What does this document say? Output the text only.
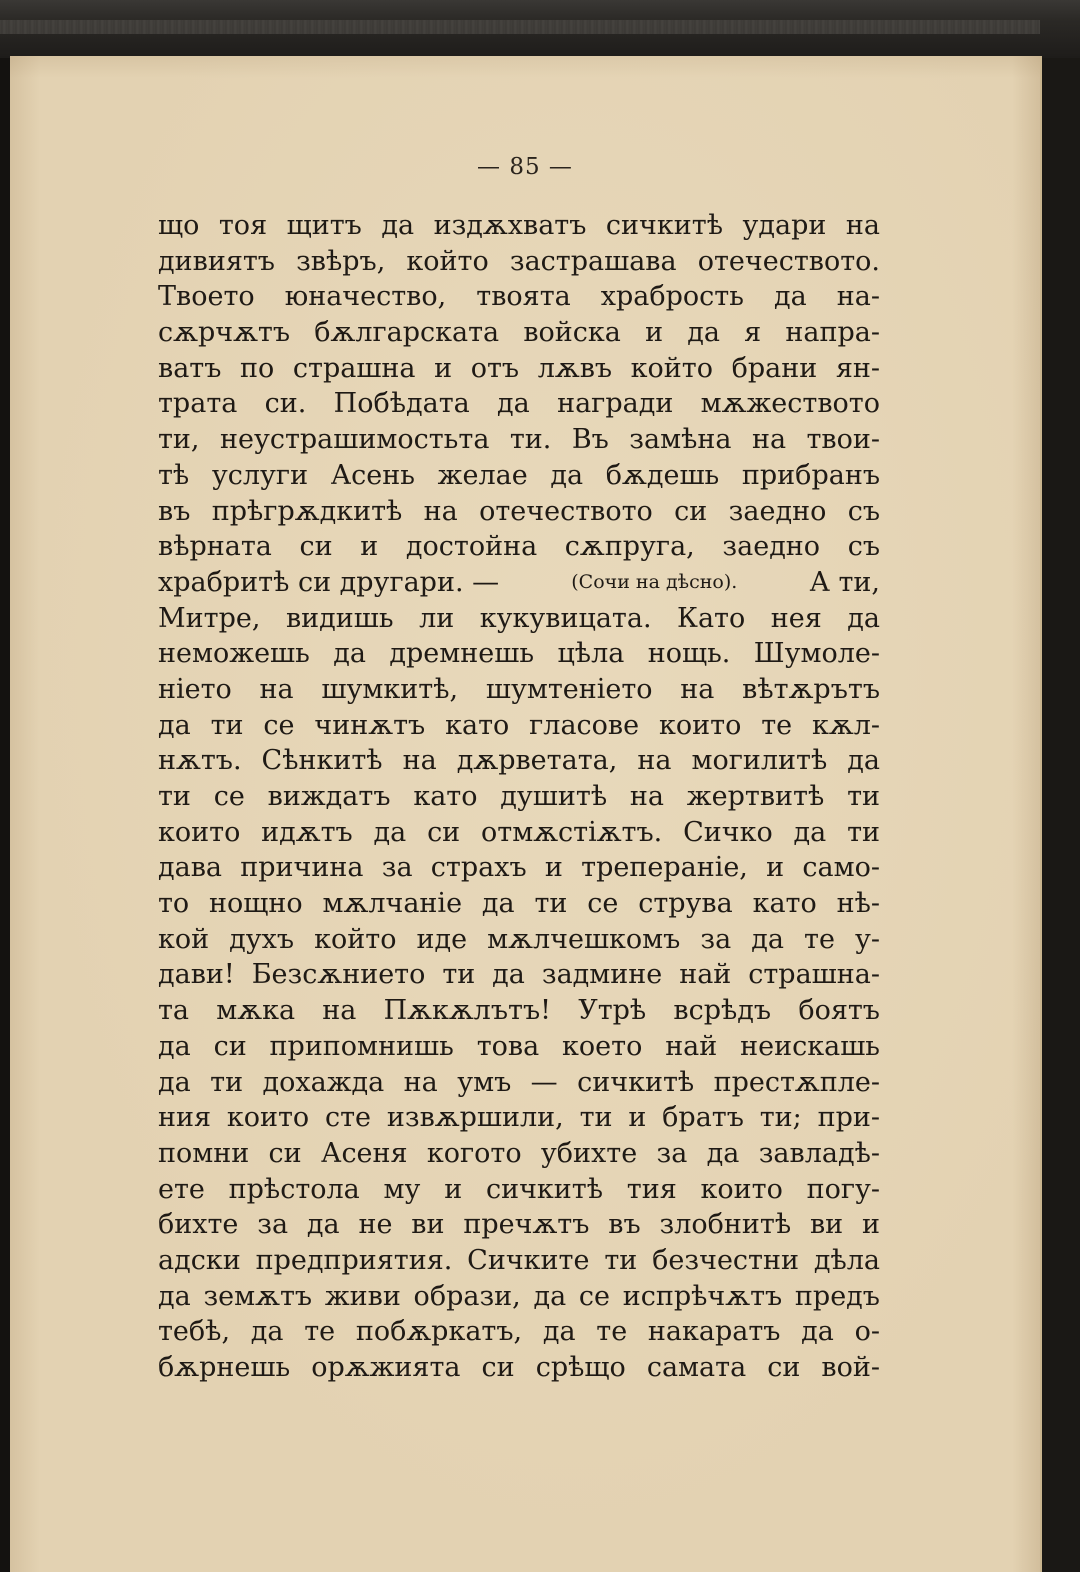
— 85 —
що тоя щитъ да издѫхватъ сичкитѣ удари на
дивиятъ звѣръ, който застрашава отечеството.
Твоето юначество, твоята храбрость да на-
сѫрчѫтъ бѫлгарската войска и да я напра-
ватъ по страшна и отъ лѫвъ който брани ян-
трата си. Побѣдата да награди мѫжеството
ти, неустрашимостьта ти. Въ замѣна на твои-
тѣ услуги Асень желае да бѫдешь прибранъ
въ прѣгрѫдкитѣ на отечеството си заедно съ
вѣрната си и достойна сѫпруга, заедно съ
храбритѣ си другари. —	(Сочи на дѣсно).	А ти,
Митре, видишь ли кукувицата. Като нея да
неможешь да дремнешь цѣла нощь. Шумоле-
ніето на шумкитѣ, шумтеніето на вѣтѫрътъ
да ти се чинѫтъ като гласове които те кѫл-
нѫтъ. Сѣнкитѣ на дѫрветата, на могилитѣ да
ти се виждатъ като душитѣ на жертвитѣ ти
които идѫтъ да си отмѫстіѫтъ. Сичко да ти
дава причина за страхъ и трепераніе, и само-
то нощно мѫлчаніе да ти се струва като нѣ-
кой духъ който иде мѫлчешкомъ за да те у-
дави! Безсѫнието ти да задмине най страшна-
та мѫка на Пѫкѫлътъ! Утрѣ всрѣдъ боятъ
да си припомнишь това което най неискашь
да ти дохажда на умъ — сичкитѣ престѫпле-
ния които сте извѫршили, ти и братъ ти; при-
помни си Асеня когото убихте за да завладѣ-
ете прѣстола му и сичкитѣ тия които погу-
бихте за да не ви пречѫтъ въ злобнитѣ ви и
адски предприятия. Сичките ти безчестни дѣла
да земѫтъ живи образи, да се испрѣчѫтъ предъ
тебѣ, да те побѫркатъ, да те накаратъ да о-
бѫрнешь орѫжията си срѣщо самата си вой-
